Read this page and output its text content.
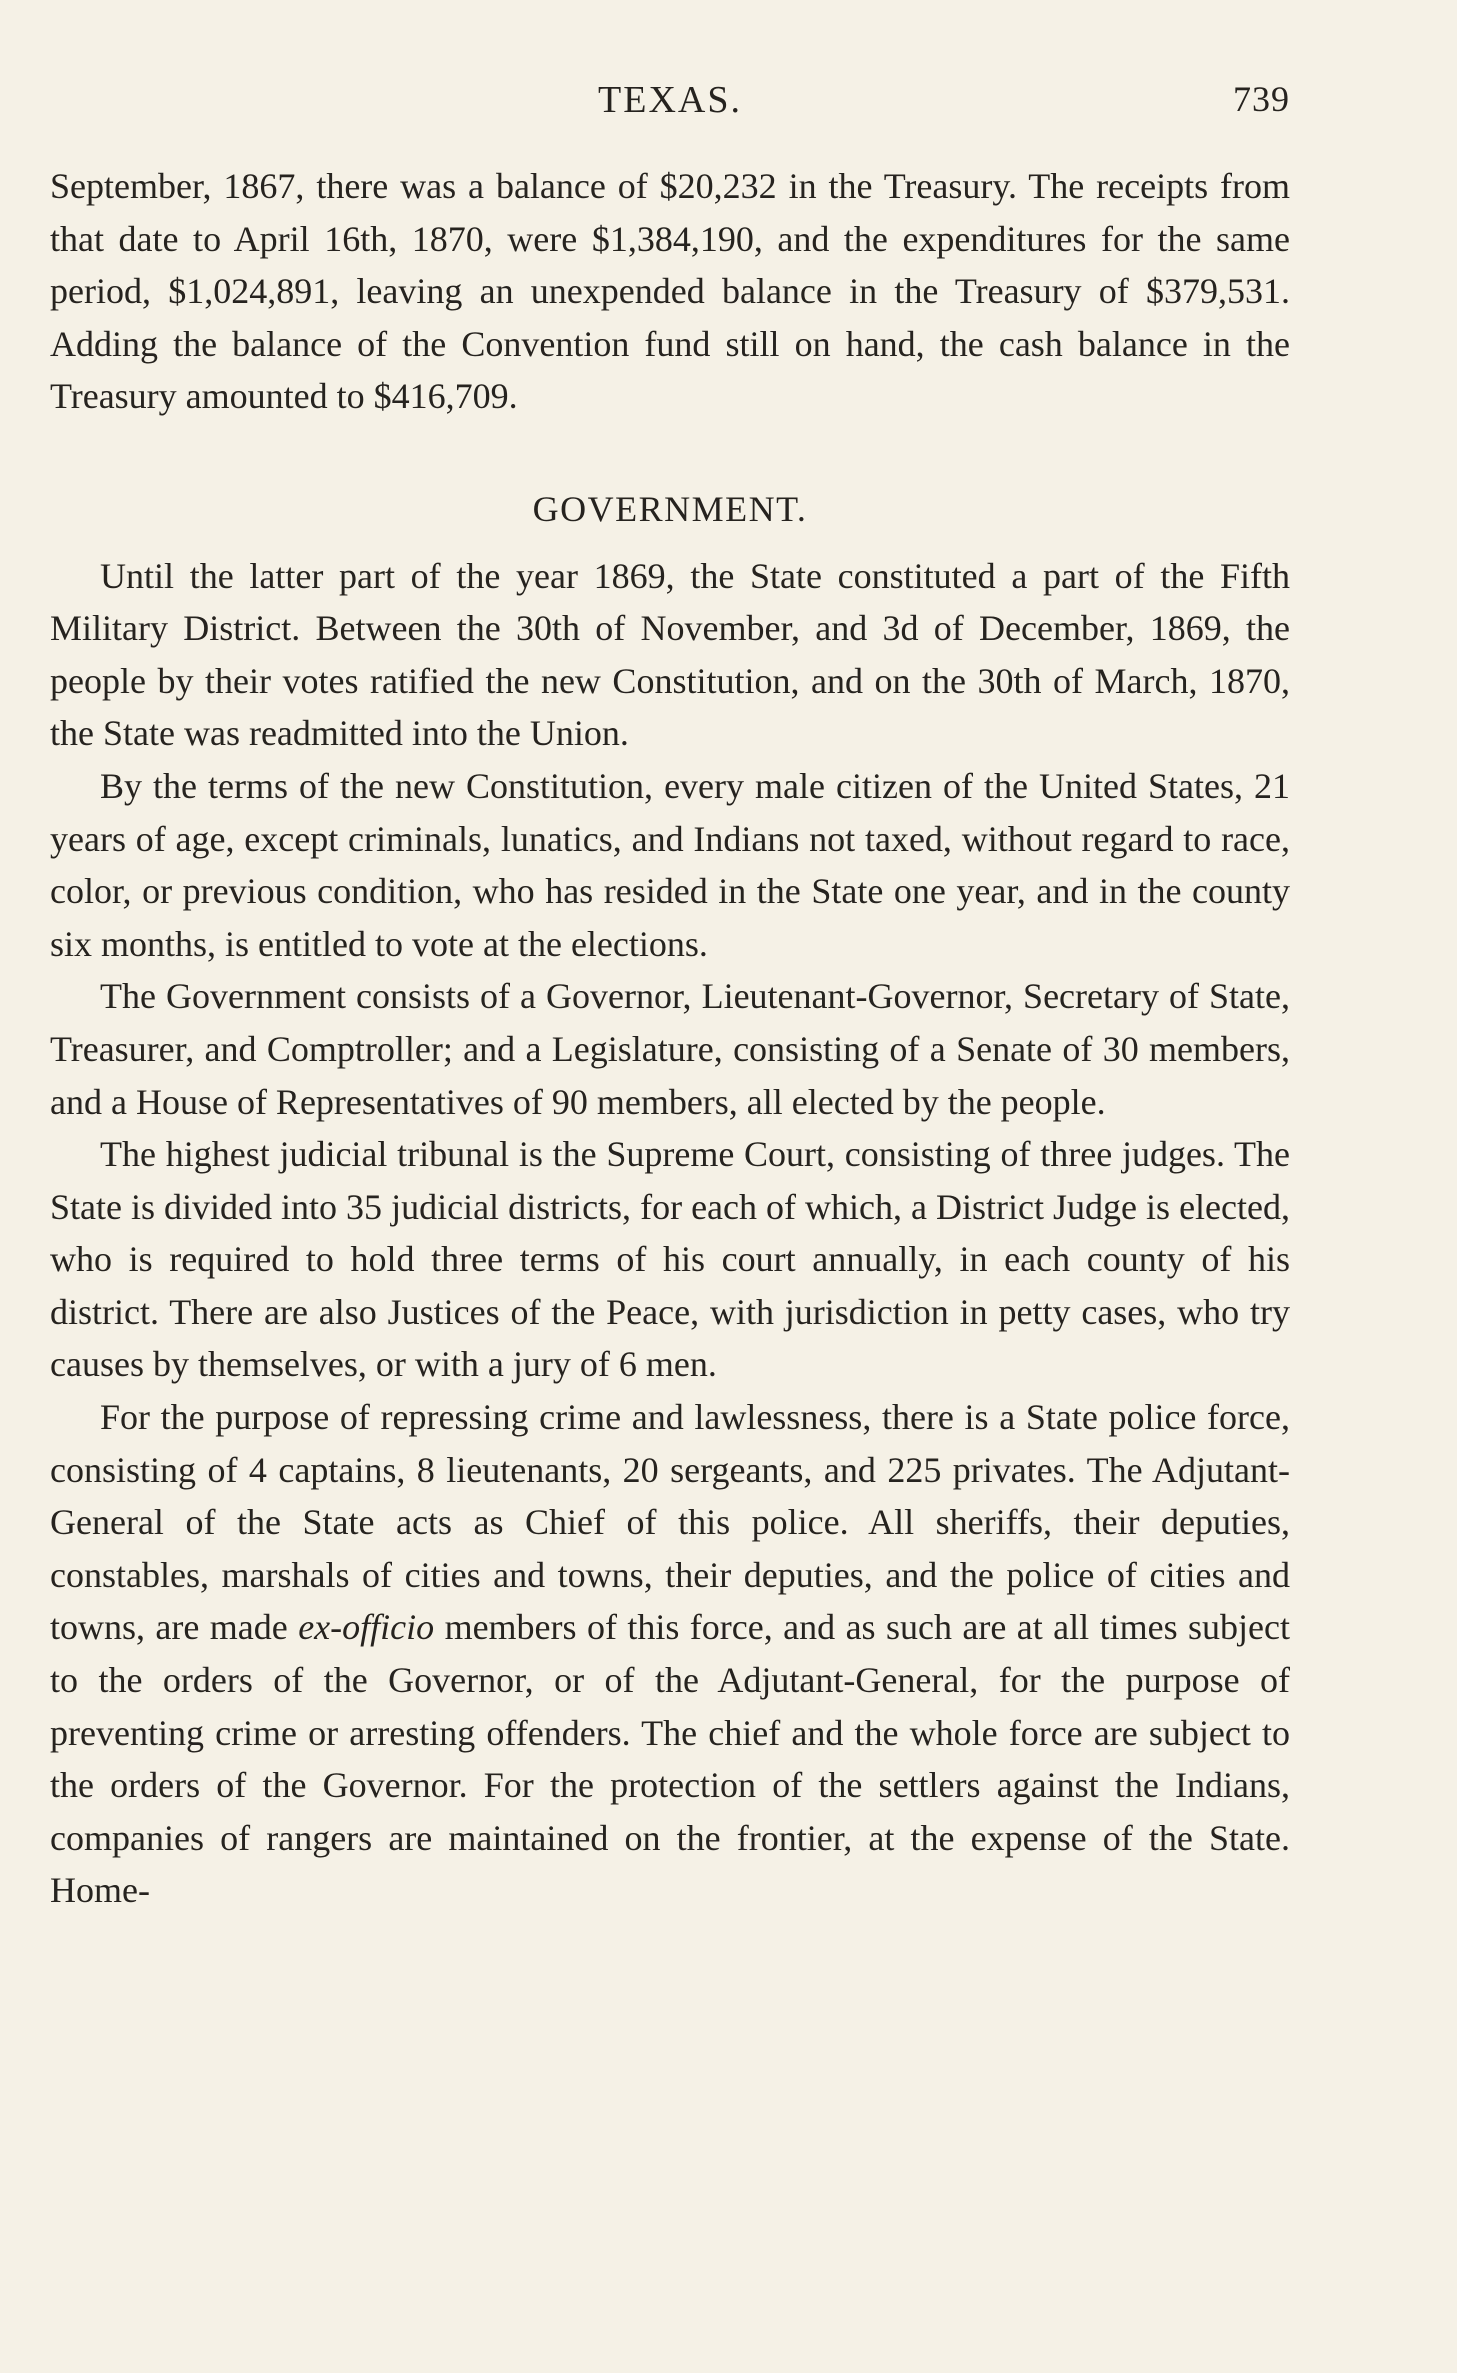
TEXAS.	739

September, 1867, there was a balance of $20,232 in the Treasury. The receipts from that date to April 16th, 1870, were $1,384,190, and the expenditures for the same period, $1,024,891, leaving an unexpended balance in the Treasury of $379,531. Adding the balance of the Convention fund still on hand, the cash balance in the Treasury amounted to $416,709.

GOVERNMENT.

Until the latter part of the year 1869, the State constituted a part of the Fifth Military District. Between the 30th of November, and 3d of December, 1869, the people by their votes ratified the new Constitution, and on the 30th of March, 1870, the State was readmitted into the Union.

By the terms of the new Constitution, every male citizen of the United States, 21 years of age, except criminals, lunatics, and Indians not taxed, without regard to race, color, or previous condition, who has resided in the State one year, and in the county six months, is entitled to vote at the elections.

The Government consists of a Governor, Lieutenant-Governor, Secretary of State, Treasurer, and Comptroller; and a Legislature, consisting of a Senate of 30 members, and a House of Representatives of 90 members, all elected by the people.

The highest judicial tribunal is the Supreme Court, consisting of three judges. The State is divided into 35 judicial districts, for each of which, a District Judge is elected, who is required to hold three terms of his court annually, in each county of his district. There are also Justices of the Peace, with jurisdiction in petty cases, who try causes by themselves, or with a jury of 6 men.

For the purpose of repressing crime and lawlessness, there is a State police force, consisting of 4 captains, 8 lieutenants, 20 sergeants, and 225 privates. The Adjutant-General of the State acts as Chief of this police. All sheriffs, their deputies, constables, marshals of cities and towns, their deputies, and the police of cities and towns, are made ex-officio members of this force, and as such are at all times subject to the orders of the Governor, or of the Adjutant-General, for the purpose of preventing crime or arresting offenders. The chief and the whole force are subject to the orders of the Governor. For the protection of the settlers against the Indians, companies of rangers are maintained on the frontier, at the expense of the State. Home-
